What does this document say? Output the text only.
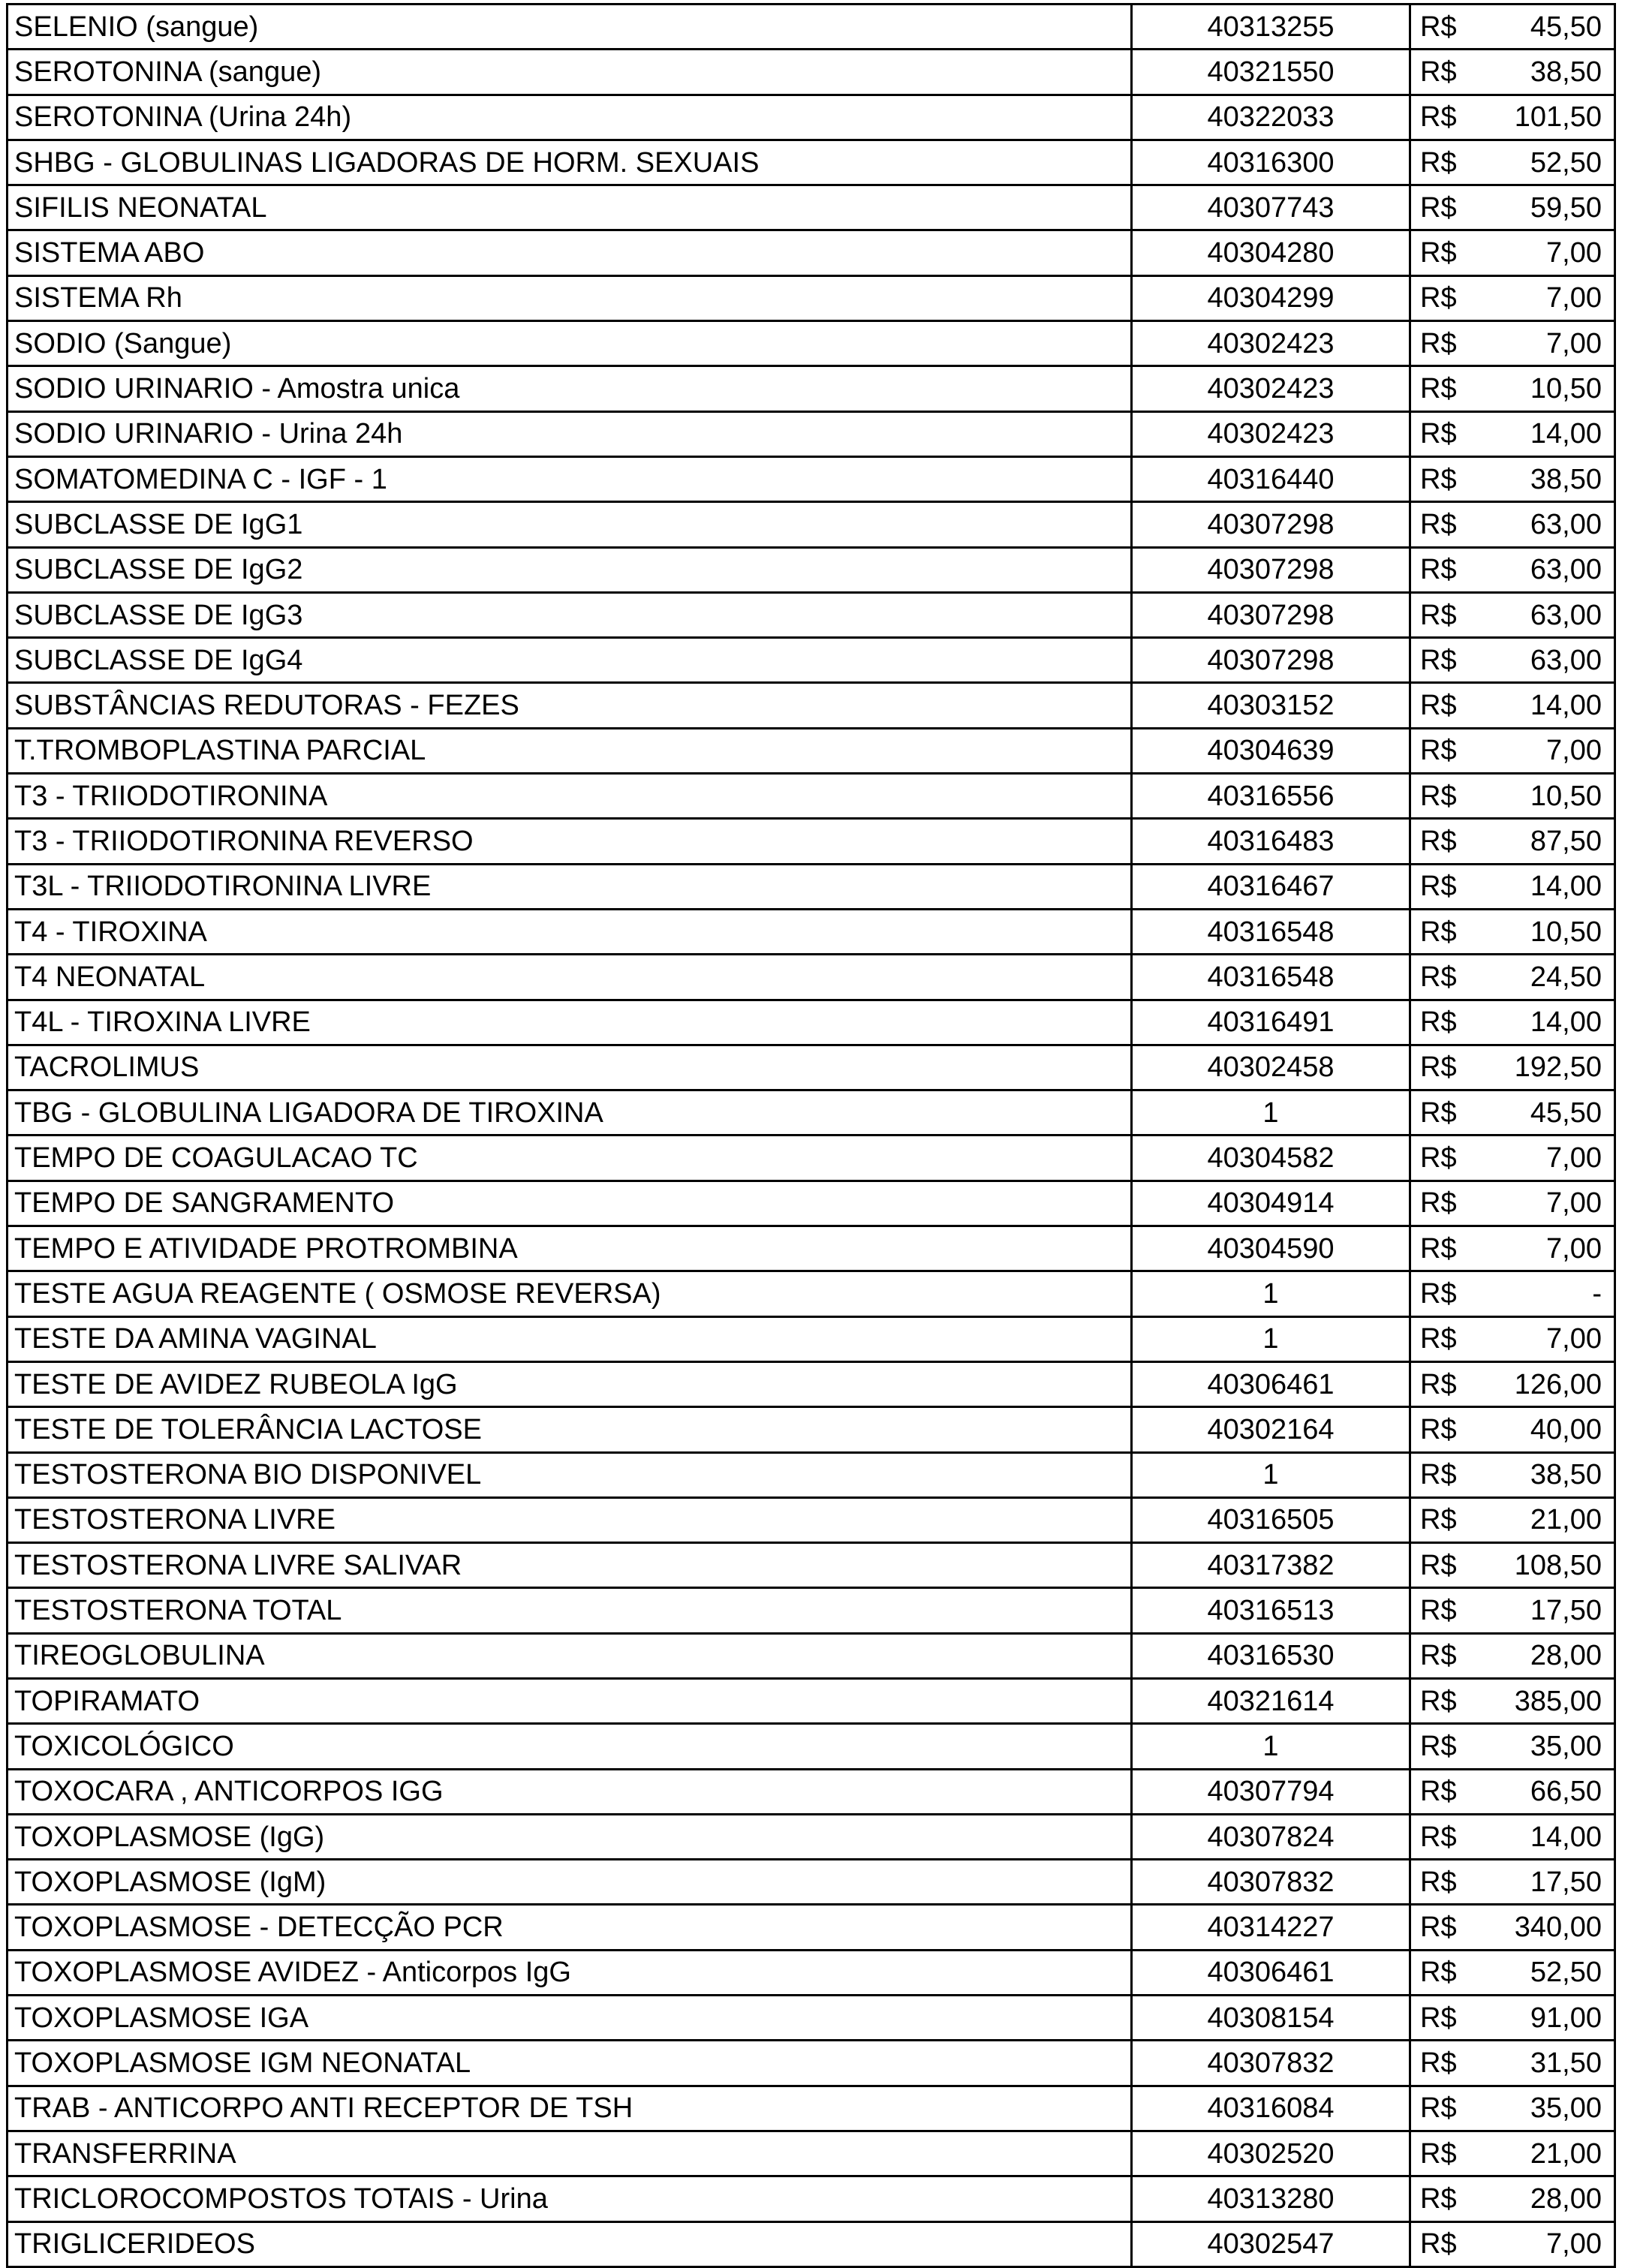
SELENIO (sangue)	40313255	R$	45,50
SEROTONINA (sangue)	40321550	R$	38,50
SEROTONINA (Urina 24h)	40322033	R$	101,50
SHBG - GLOBULINAS LIGADORAS DE HORM. SEXUAIS	40316300	R$	52,50
SIFILIS NEONATAL	40307743	R$	59,50
SISTEMA ABO	40304280	R$	7,00
SISTEMA Rh	40304299	R$	7,00
SODIO (Sangue)	40302423	R$	7,00
SODIO URINARIO - Amostra unica	40302423	R$	10,50
SODIO URINARIO - Urina 24h	40302423	R$	14,00
SOMATOMEDINA C - IGF - 1	40316440	R$	38,50
SUBCLASSE DE IgG1	40307298	R$	63,00
SUBCLASSE DE IgG2	40307298	R$	63,00
SUBCLASSE DE IgG3	40307298	R$	63,00
SUBCLASSE DE IgG4	40307298	R$	63,00
SUBSTÂNCIAS REDUTORAS - FEZES	40303152	R$	14,00
T.TROMBOPLASTINA PARCIAL	40304639	R$	7,00
T3 - TRIIODOTIRONINA	40316556	R$	10,50
T3 - TRIIODOTIRONINA REVERSO	40316483	R$	87,50
T3L - TRIIODOTIRONINA LIVRE	40316467	R$	14,00
T4 - TIROXINA	40316548	R$	10,50
T4 NEONATAL	40316548	R$	24,50
T4L - TIROXINA LIVRE	40316491	R$	14,00
TACROLIMUS	40302458	R$	192,50
TBG - GLOBULINA LIGADORA DE TIROXINA	1	R$	45,50
TEMPO DE COAGULACAO TC	40304582	R$	7,00
TEMPO DE SANGRAMENTO	40304914	R$	7,00
TEMPO E ATIVIDADE PROTROMBINA	40304590	R$	7,00
TESTE AGUA REAGENTE ( OSMOSE REVERSA)	1	R$	-
TESTE DA AMINA VAGINAL	1	R$	7,00
TESTE DE AVIDEZ RUBEOLA IgG	40306461	R$	126,00
TESTE DE TOLERÂNCIA LACTOSE	40302164	R$	40,00
TESTOSTERONA BIO DISPONIVEL	1	R$	38,50
TESTOSTERONA LIVRE	40316505	R$	21,00
TESTOSTERONA LIVRE SALIVAR	40317382	R$	108,50
TESTOSTERONA TOTAL	40316513	R$	17,50
TIREOGLOBULINA	40316530	R$	28,00
TOPIRAMATO	40321614	R$	385,00
TOXICOLÓGICO	1	R$	35,00
TOXOCARA , ANTICORPOS IGG	40307794	R$	66,50
TOXOPLASMOSE (IgG)	40307824	R$	14,00
TOXOPLASMOSE (IgM)	40307832	R$	17,50
TOXOPLASMOSE - DETECÇÃO PCR	40314227	R$	340,00
TOXOPLASMOSE AVIDEZ - Anticorpos IgG	40306461	R$	52,50
TOXOPLASMOSE IGA	40308154	R$	91,00
TOXOPLASMOSE IGM NEONATAL	40307832	R$	31,50
TRAB - ANTICORPO ANTI RECEPTOR DE TSH	40316084	R$	35,00
TRANSFERRINA	40302520	R$	21,00
TRICLOROCOMPOSTOS TOTAIS - Urina	40313280	R$	28,00
TRIGLICERIDEOS	40302547	R$	7,00
